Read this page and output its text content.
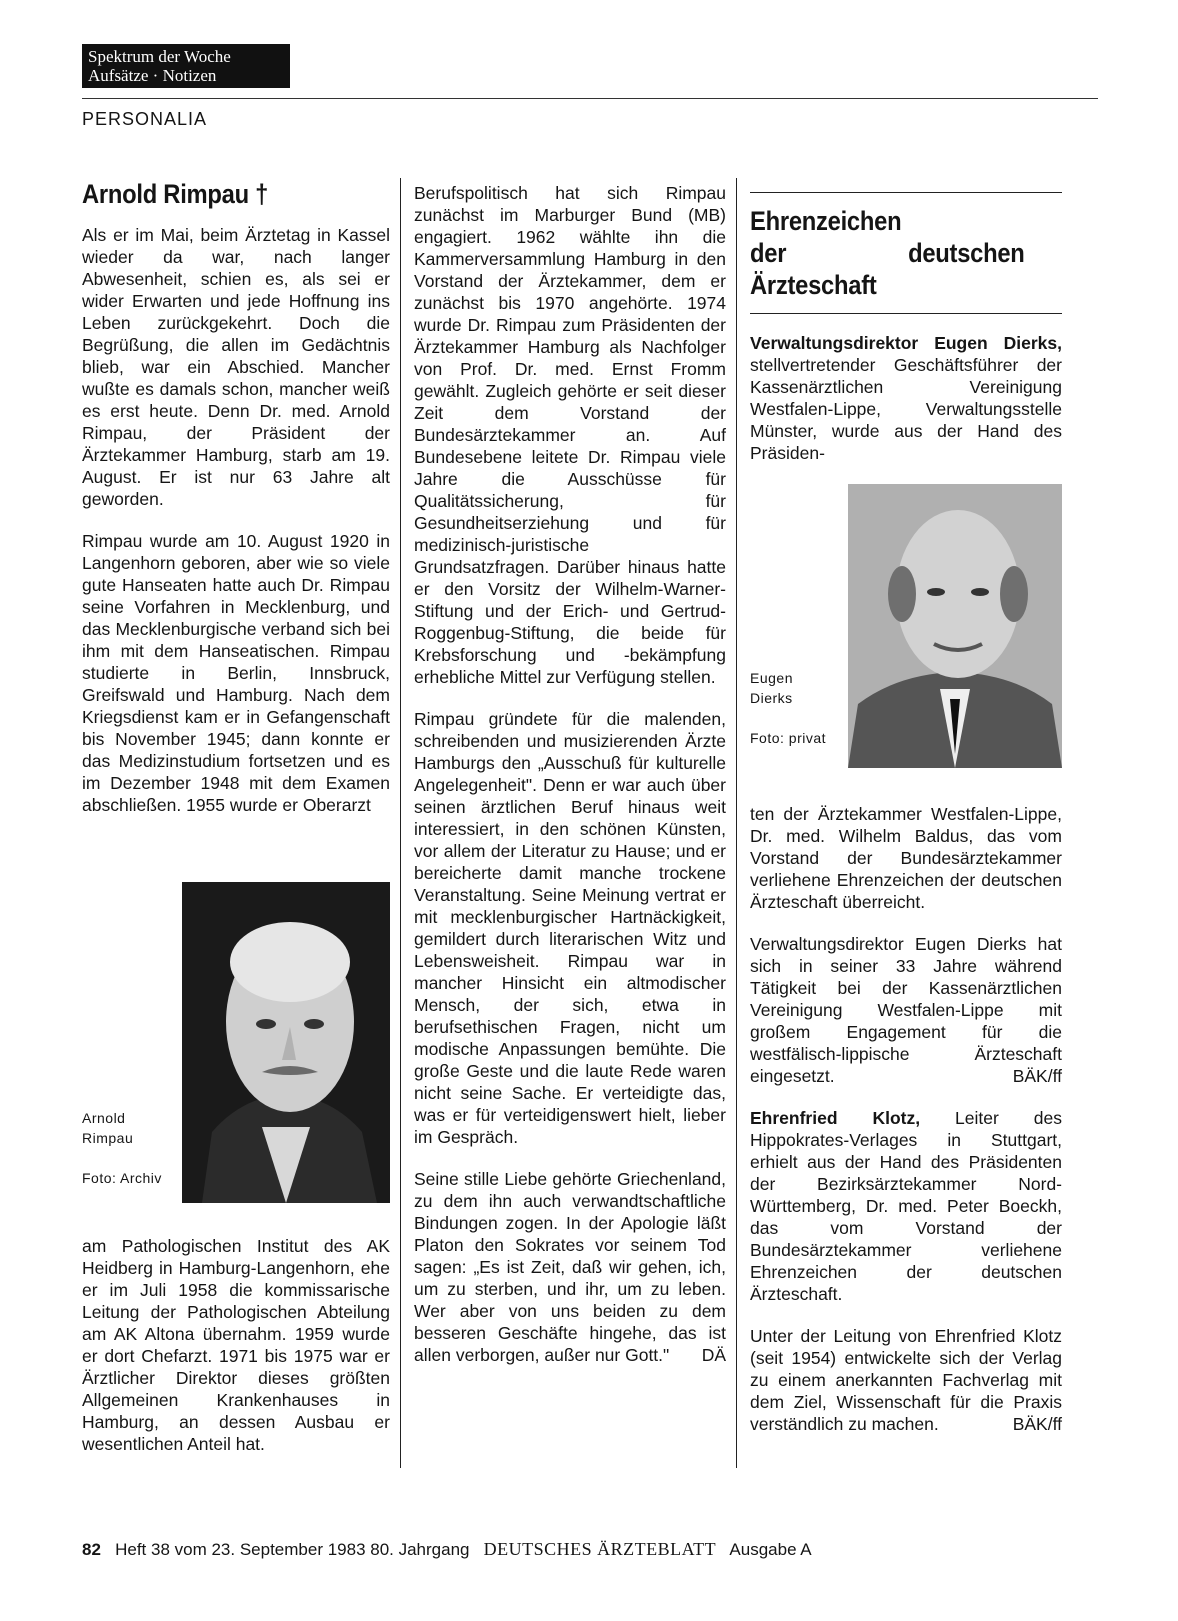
Spektrum der Woche
Aufsätze · Notizen
PERSONALIA
Arnold Rimpau †

Als er im Mai, beim Ärztetag in Kassel wieder da war, nach langer Abwesenheit, schien es, als sei er wider Erwarten und jede Hoffnung ins Leben zurückgekehrt. Doch die Begrüßung, die allen im Gedächtnis blieb, war ein Abschied. Mancher wußte es damals schon, mancher weiß es erst heute. Denn Dr. med. Arnold Rimpau, der Präsident der Ärztekammer Hamburg, starb am 19. August. Er ist nur 63 Jahre alt geworden.

Rimpau wurde am 10. August 1920 in Langenhorn geboren, aber wie so viele gute Hanseaten hatte auch Dr. Rimpau seine Vorfahren in Mecklenburg, und das Mecklenburgische verband sich bei ihm mit dem Hanseatischen. Rimpau studierte in Berlin, Innsbruck, Greifswald und Hamburg. Nach dem Kriegsdienst kam er in Gefangenschaft bis November 1945; dann konnte er das Medizinstudium fortsetzen und es im Dezember 1948 mit dem Examen abschließen. 1955 wurde er Oberarzt

Arnold Rimpau

Foto: Archiv

am Pathologischen Institut des AK Heidberg in Hamburg-Langenhorn, ehe er im Juli 1958 die kommissarische Leitung der Pathologischen Abteilung am AK Altona übernahm. 1959 wurde er dort Chefarzt. 1971 bis 1975 war er Ärztlicher Direktor dieses größten Allgemeinen Krankenhauses in Hamburg, an dessen Ausbau er wesentlichen Anteil hat.

Berufspolitisch hat sich Rimpau zunächst im Marburger Bund (MB) engagiert. 1962 wählte ihn die Kammerversammlung Hamburg in den Vorstand der Ärztekammer, dem er zunächst bis 1970 angehörte. 1974 wurde Dr. Rimpau zum Präsidenten der Ärztekammer Hamburg als Nachfolger von Prof. Dr. med. Ernst Fromm gewählt. Zugleich gehörte er seit dieser Zeit dem Vorstand der Bundesärztekammer an. Auf Bundesebene leitete Dr. Rimpau viele Jahre die Ausschüsse für Qualitätssicherung, für Gesundheitserziehung und für medizinisch-juristische Grundsatzfragen. Darüber hinaus hatte er den Vorsitz der Wilhelm-Warner-Stiftung und der Erich- und Gertrud-Roggenbug-Stiftung, die beide für Krebsforschung und -bekämpfung erhebliche Mittel zur Verfügung stellen.

Rimpau gründete für die malenden, schreibenden und musizierenden Ärzte Hamburgs den „Ausschuß für kulturelle Angelegenheit". Denn er war auch über seinen ärztlichen Beruf hinaus weit interessiert, in den schönen Künsten, vor allem der Literatur zu Hause; und er bereicherte damit manche trockene Veranstaltung. Seine Meinung vertrat er mit mecklenburgischer Hartnäckigkeit, gemildert durch literarischen Witz und Lebensweisheit. Rimpau war in mancher Hinsicht ein altmodischer Mensch, der sich, etwa in berufsethischen Fragen, nicht um modische Anpassungen bemühte. Die große Geste und die laute Rede waren nicht seine Sache. Er verteidigte das, was er für verteidigenswert hielt, lieber im Gespräch.

Seine stille Liebe gehörte Griechenland, zu dem ihn auch verwandtschaftliche Bindungen zogen. In der Apologie läßt Platon den Sokrates vor seinem Tod sagen: „Es ist Zeit, daß wir gehen, ich, um zu sterben, und ihr, um zu leben. Wer aber von uns beiden zu dem besseren Geschäfte hingehe, das ist allen verborgen, außer nur Gott." DÄ

Ehrenzeichen
der deutschen Ärzteschaft

Verwaltungsdirektor Eugen Dierks, stellvertretender Geschäftsführer der Kassenärztlichen Vereinigung Westfalen-Lippe, Verwaltungsstelle Münster, wurde aus der Hand des Präsiden-

Eugen Dierks

Foto: privat

ten der Ärztekammer Westfalen-Lippe, Dr. med. Wilhelm Baldus, das vom Vorstand der Bundesärztekammer verliehene Ehrenzeichen der deutschen Ärzteschaft überreicht.

Verwaltungsdirektor Eugen Dierks hat sich in seiner 33 Jahre während Tätigkeit bei der Kassenärztlichen Vereinigung Westfalen-Lippe mit großem Engagement für die westfälisch-lippische Ärzteschaft eingesetzt.	BÄK/ff

Ehrenfried Klotz, Leiter des Hippokrates-Verlages in Stuttgart, erhielt aus der Hand des Präsidenten der Bezirksärztekammer Nord-Württemberg, Dr. med. Peter Boeckh, das vom Vorstand der Bundesärztekammer verliehene Ehrenzeichen der deutschen Ärzteschaft.

Unter der Leitung von Ehrenfried Klotz (seit 1954) entwickelte sich der Verlag zu einem anerkannten Fachverlag mit dem Ziel, Wissenschaft für die Praxis verständlich zu machen.	BÄK/ff

82 Heft 38 vom 23. September 1983 80. Jahrgang DEUTSCHES ÄRZTEBLATT Ausgabe A
